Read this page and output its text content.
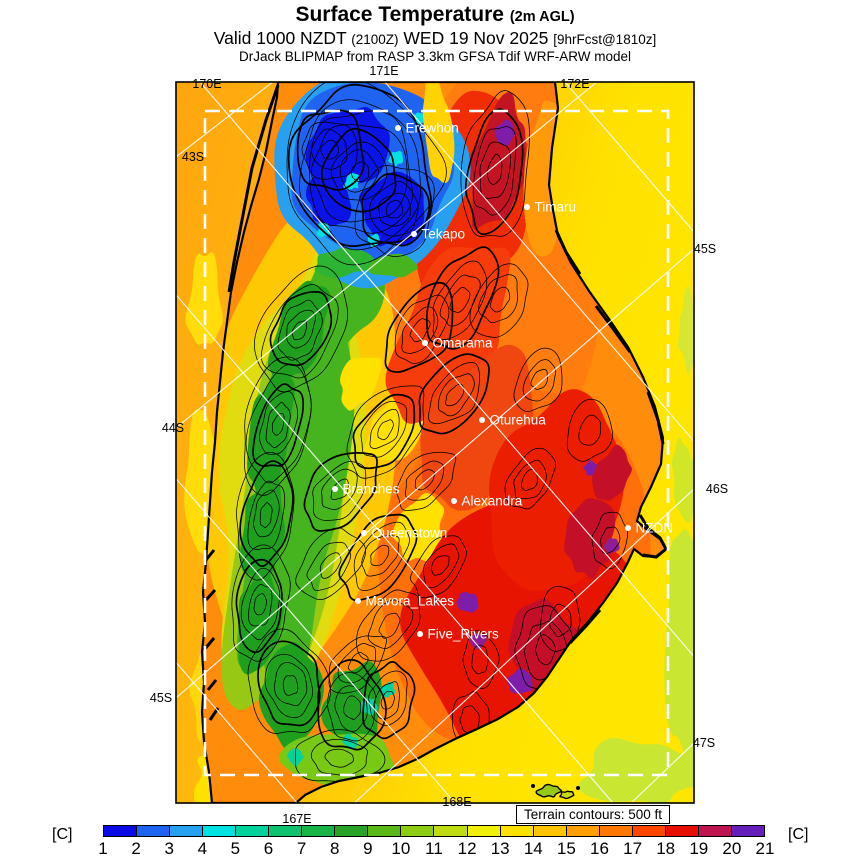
Surface Temperature (2m AGL)
Valid 1000 NZDT (2100Z) WED 19 Nov 2025 [9hrFcst@1810z]
DrJack BLIPMAP from RASP 3.3km GFSA Tdif WRF-ARW model
171E
170E	172E
43S
44S
45S
45S
46S
47S
168E
167E
Erewhon
Timaru
Tekapo
Omarama
Oturehua
Branches
Alexandra
Queenstown	NZDN
Mavora_Lakes
Five_Rivers
Terrain contours: 500 ft
1 2 3 4 5 6 7 8 9 10 11 12 13 14 15 16 17 18 19 20 21
[C]	[C]
